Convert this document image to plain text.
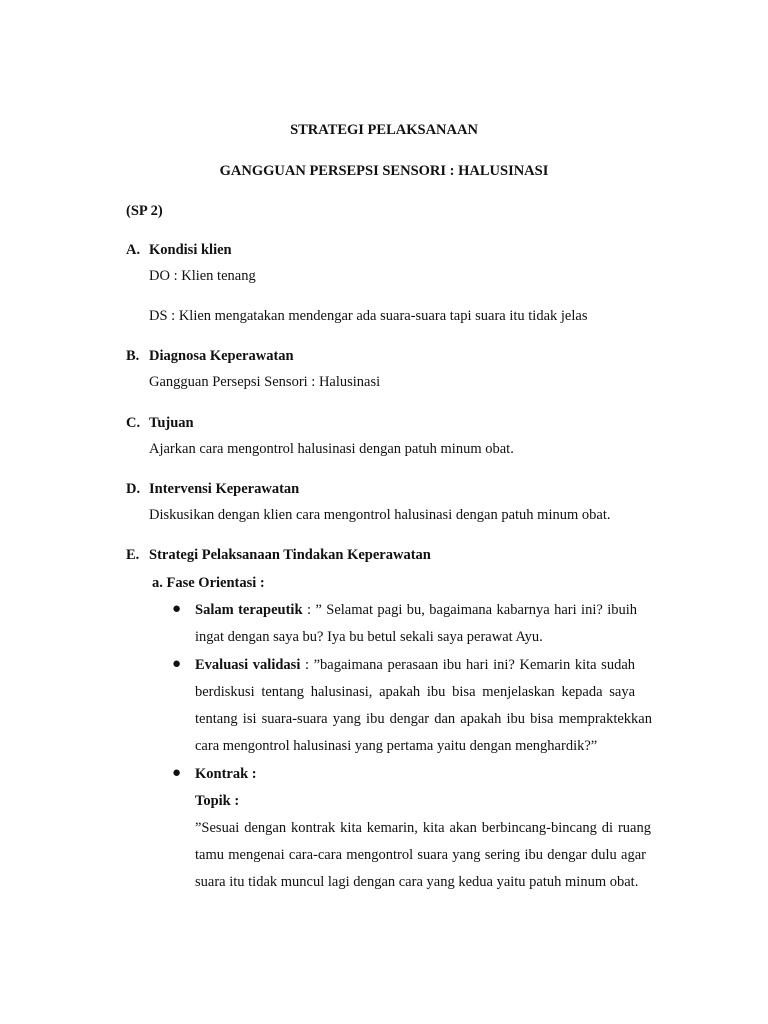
STRATEGI PELAKSANAAN
GANGGUAN PERSEPSI SENSORI : HALUSINASI
(SP 2)
A. Kondisi klien
DO : Klien tenang
DS : Klien mengatakan mendengar ada suara-suara tapi suara itu tidak jelas
B. Diagnosa Keperawatan
Gangguan Persepsi Sensori : Halusinasi
C. Tujuan
Ajarkan cara mengontrol halusinasi dengan patuh minum obat.
D. Intervensi Keperawatan
Diskusikan dengan klien cara mengontrol halusinasi dengan patuh minum obat.
E. Strategi Pelaksanaan Tindakan Keperawatan
a. Fase Orientasi :
● Salam terapeutik : ” Selamat pagi bu, bagaimana kabarnya hari ini? ibuih
ingat dengan saya bu? Iya bu betul sekali saya perawat Ayu.
● Evaluasi validasi : ”bagaimana perasaan ibu hari ini? Kemarin kita sudah
berdiskusi tentang halusinasi, apakah ibu bisa menjelaskan kepada saya
tentang isi suara-suara yang ibu dengar dan apakah ibu bisa mempraktekkan
cara mengontrol halusinasi yang pertama yaitu dengan menghardik?”
● Kontrak :
Topik :
”Sesuai dengan kontrak kita kemarin, kita akan berbincang-bincang di ruang
tamu mengenai cara-cara mengontrol suara yang sering ibu dengar dulu agar
suara itu tidak muncul lagi dengan cara yang kedua yaitu patuh minum obat.
